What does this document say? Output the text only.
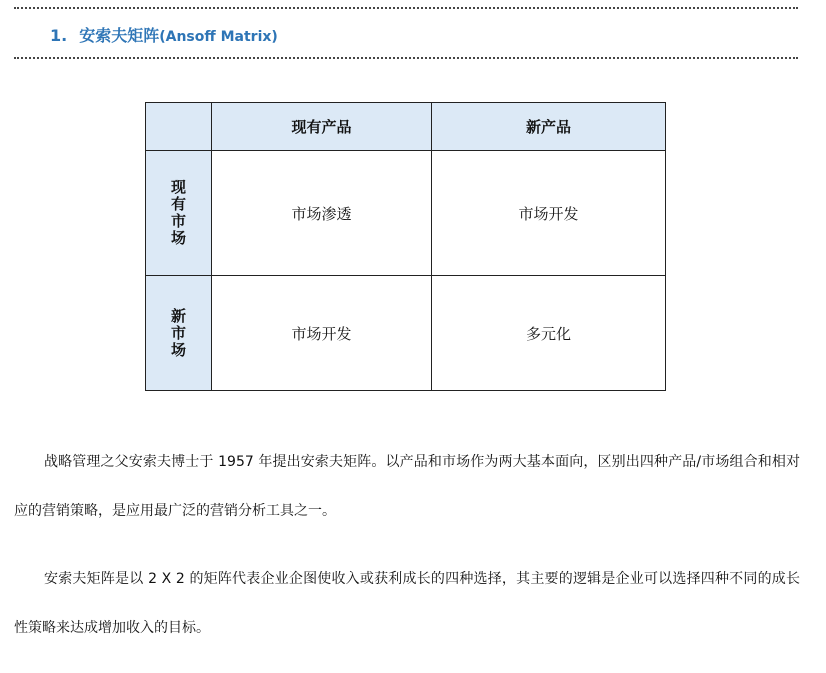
1. 安索夫矩阵(Ansoff Matrix)
	现有产品	新产品
现有市场	市场渗透	市场开发
新市场	市场开发	多元化

战略管理之父安索夫博士于 1957 年提出安索夫矩阵。以产品和市场作为两大基本面向，区别出四种产品/市场组合和相对应的营销策略，是应用最广泛的营销分析工具之一。

安索夫矩阵是以 2 X 2 的矩阵代表企业企图使收入或获利成长的四种选择，其主要的逻辑是企业可以选择四种不同的成长性策略来达成增加收入的目标。
